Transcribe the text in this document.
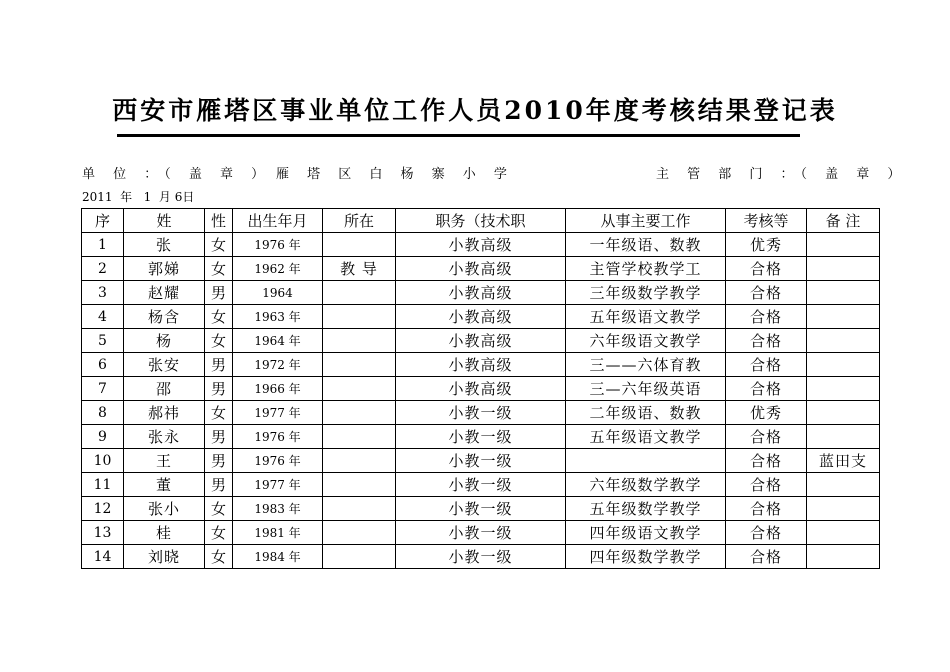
西安市雁塔区事业单位工作人员2010年度考核结果登记表
单 位 ：（ 盖 章 ） 雁 塔 区 白 杨 寨 小 学	主 管 部 门 ：（ 盖 章 ）
2011  年   1  月 6日
序	姓	性	出生年月	所在	职务（技术职	从事主要工作	考核等	备 注
1	张	女	1976 年		小教高级	一年级语、数教	优秀	
2	郭娣	女	1962 年	教 导	小教高级	主管学校教学工	合格	
3	赵耀	男	1964		小教高级	三年级数学教学	合格	
4	杨含	女	1963 年		小教高级	五年级语文教学	合格	
5	杨	女	1964 年		小教高级	六年级语文教学	合格	
6	张安	男	1972 年		小教高级	三——六体育教	合格	
7	邵	男	1966 年		小教高级	三—六年级英语	合格	
8	郝祎	女	1977 年		小教一级	二年级语、数教	优秀	
9	张永	男	1976 年		小教一级	五年级语文教学	合格	
10	王	男	1976 年		小教一级		合格	蓝田支
11	董	男	1977 年		小教一级	六年级数学教学	合格	
12	张小	女	1983 年		小教一级	五年级数学教学	合格	
13	桂	女	1981 年		小教一级	四年级语文教学	合格	
14	刘晓	女	1984 年		小教一级	四年级数学教学	合格	
